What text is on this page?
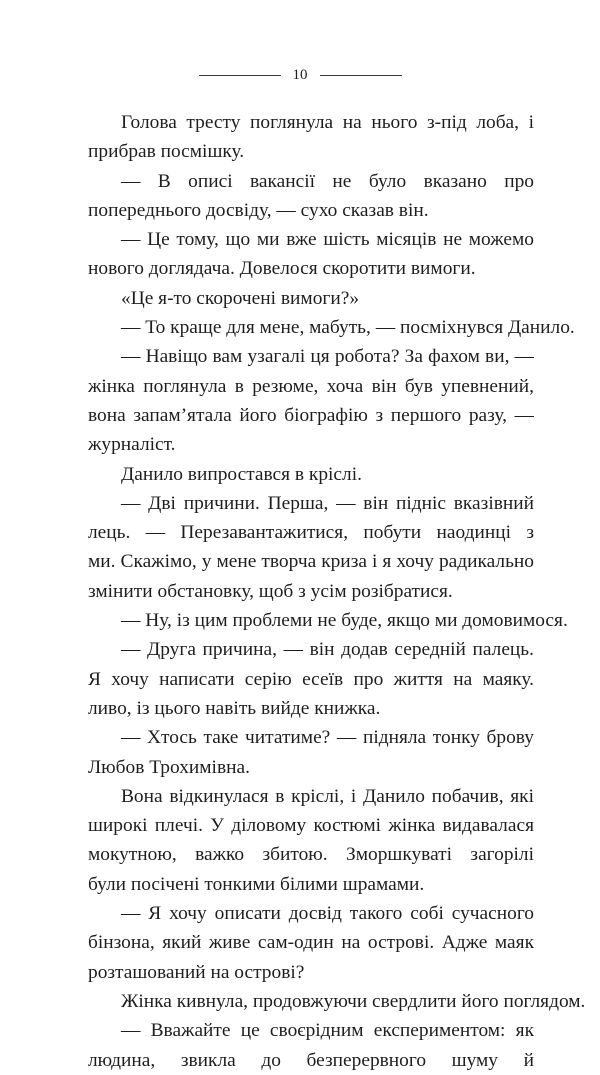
10
Голова тресту поглянула на нього з-під лоба, і
прибрав посмішку.
— В описі вакансії не було вказано про
попереднього досвіду, — сухо сказав він.
— Це тому, що ми вже шість місяців не можемо
нового доглядача. Довелося скоротити вимоги.
«Це я-то скорочені вимоги?»
— То краще для мене, мабуть, — посміхнувся Данило.
— Навіщо вам узагалі ця робота? За фахом ви, —
жінка поглянула в резюме, хоча він був упевнений,
вона запам’ятала його біографію з першого разу, —
журналіст.
Данило випростався в кріслі.
— Дві причини. Перша, — він підніс вказівний
лець. — Перезавантажитися, побути наодинці з
ми. Скажімо, у мене творча криза і я хочу радикально
змінити обстановку, щоб з усім розібратися.
— Ну, із цим проблеми не буде, якщо ми домовимося.
— Друга причина, — він додав середній палець.
Я хочу написати серію есеїв про життя на маяку.
ливо, із цього навіть вийде книжка.
— Хтось таке читатиме? — підняла тонку брову
Любов Трохимівна.
Вона відкинулася в кріслі, і Данило побачив, які
широкі плечі. У діловому костюмі жінка видавалася
мокутною, важко збитою. Зморшкуваті загорілі
були посічені тонкими білими шрамами.
— Я хочу описати досвід такого собі сучасного
бінзона, який живе сам-один на острові. Адже маяк
розташований на острові?
Жінка кивнула, продовжуючи свердлити його поглядом.
— Вважайте це своєрідним експериментом: як
людина, звикла до безперервного шуму й
